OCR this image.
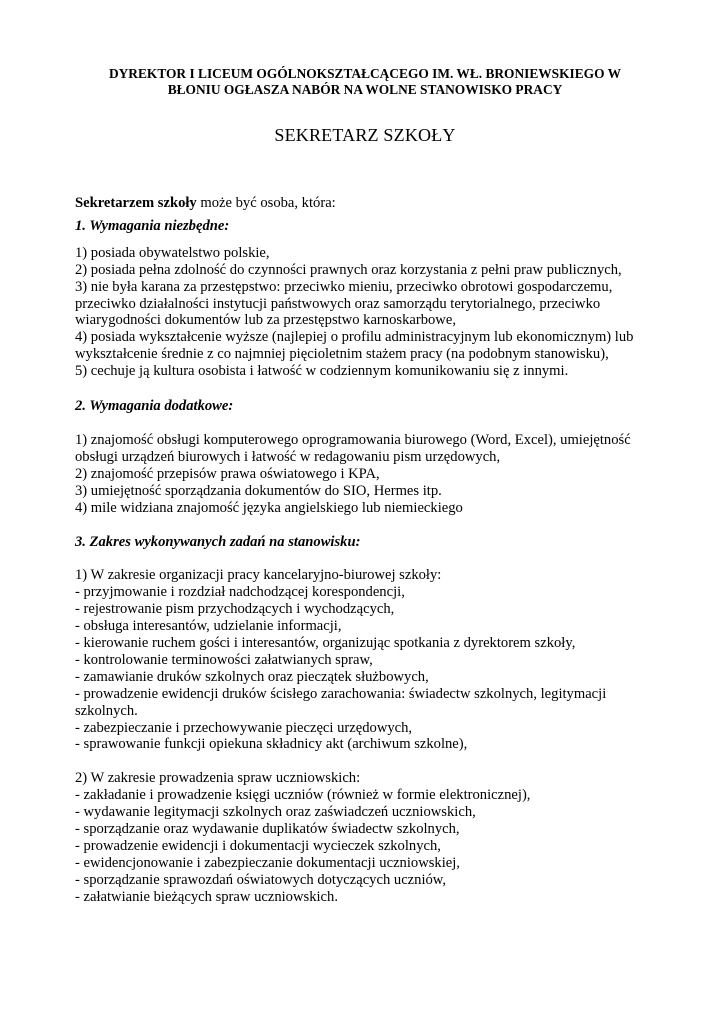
DYREKTOR I LICEUM OGÓLNOKSZTAŁCĄCEGO IM. WŁ. BRONIEWSKIEGO W
BŁONIU OGŁASZA NABÓR NA WOLNE STANOWISKO PRACY
SEKRETARZ SZKOŁY
Sekretarzem szkoły może być osoba, która:
1. Wymagania niezbędne:
1) posiada obywatelstwo polskie,
2) posiada pełna zdolność do czynności prawnych oraz korzystania z pełni praw publicznych,
3) nie była karana za przestępstwo: przeciwko mieniu, przeciwko obrotowi gospodarczemu,
przeciwko działalności instytucji państwowych oraz samorządu terytorialnego, przeciwko
wiarygodności dokumentów lub za przestępstwo karnoskarbowe,
4) posiada wykształcenie wyższe (najlepiej o profilu administracyjnym lub ekonomicznym) lub
wykształcenie średnie z co najmniej pięcioletnim stażem pracy (na podobnym stanowisku),
5) cechuje ją kultura osobista i łatwość w codziennym komunikowaniu się z innymi.
2. Wymagania dodatkowe:
1) znajomość obsługi komputerowego oprogramowania biurowego (Word, Excel), umiejętność
obsługi urządzeń biurowych i łatwość w redagowaniu pism urzędowych,
2) znajomość przepisów prawa oświatowego i KPA,
3) umiejętność sporządzania dokumentów do SIO, Hermes itp.
4) mile widziana znajomość języka angielskiego lub niemieckiego
3. Zakres wykonywanych zadań na stanowisku:
1) W zakresie organizacji pracy kancelaryjno-biurowej szkoły:
- przyjmowanie i rozdział nadchodzącej korespondencji,
- rejestrowanie pism przychodzących i wychodzących,
- obsługa interesantów, udzielanie informacji,
- kierowanie ruchem gości i interesantów, organizując spotkania z dyrektorem szkoły,
- kontrolowanie terminowości załatwianych spraw,
- zamawianie druków szkolnych oraz pieczątek służbowych,
- prowadzenie ewidencji druków ścisłego zarachowania: świadectw szkolnych, legitymacji
szkolnych.
- zabezpieczanie i przechowywanie pieczęci urzędowych,
- sprawowanie funkcji opiekuna składnicy akt (archiwum szkolne),
2) W zakresie prowadzenia spraw uczniowskich:
- zakładanie i prowadzenie księgi uczniów (również w formie elektronicznej),
- wydawanie legitymacji szkolnych oraz zaświadczeń uczniowskich,
- sporządzanie oraz wydawanie duplikatów świadectw szkolnych,
- prowadzenie ewidencji i dokumentacji wycieczek szkolnych,
- ewidencjonowanie i zabezpieczanie dokumentacji uczniowskiej,
- sporządzanie sprawozdań oświatowych dotyczących uczniów,
- załatwianie bieżących spraw uczniowskich.
